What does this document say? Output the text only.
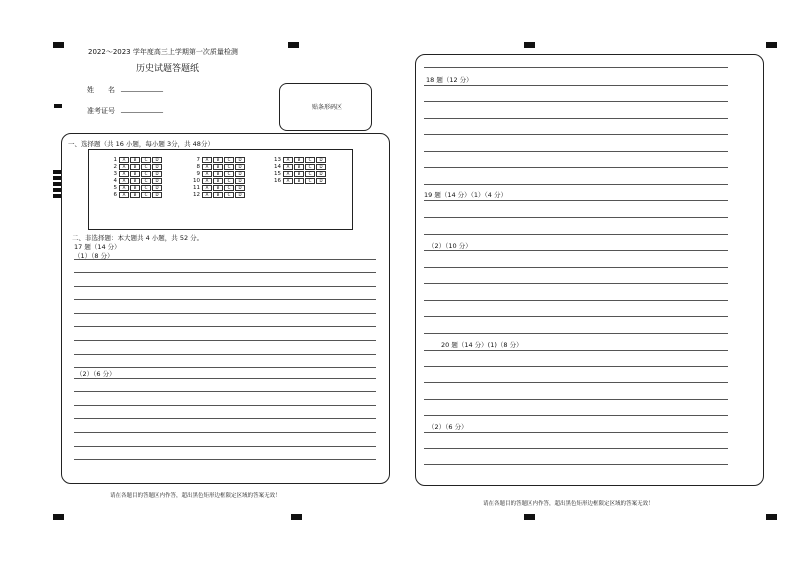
2022～2023 学年度高三上学期第一次质量检测
历史试题答题纸
姓　　名 ____________
准考证号 ____________	贴条形码区
一、选择题（共 16 小题，每小题 3分，共 48分）
1	A	B	C	D
2	A	B	C	D
3	A	B	C	D
4	A	B	C	D
5	A	B	C	D
6	A	B	C	D
7	A	B	C	D
8	A	B	C	D
9	A	B	C	D
10	A	B	C	D
11	A	B	C	D
12	A	B	C	D
13	A	B	C	D
14	A	B	C	D
15	A	B	C	D
16	A	B	C	D
二、非选择题：本大题共 4 小题，共 52 分。
17 题（14 分）
（1）（8 分）
（2）（6 分）
请在各题目的答题区内作答，超出黑色矩形边框限定区域的答案无效！
18 题（12 分）
19 题（14 分）（1）（4 分）
（2）（10 分）
20 题（14 分）(1)（8 分）
（2）（6 分）
请在各题目的答题区内作答，超出黑色矩形边框限定区域的答案无效！
